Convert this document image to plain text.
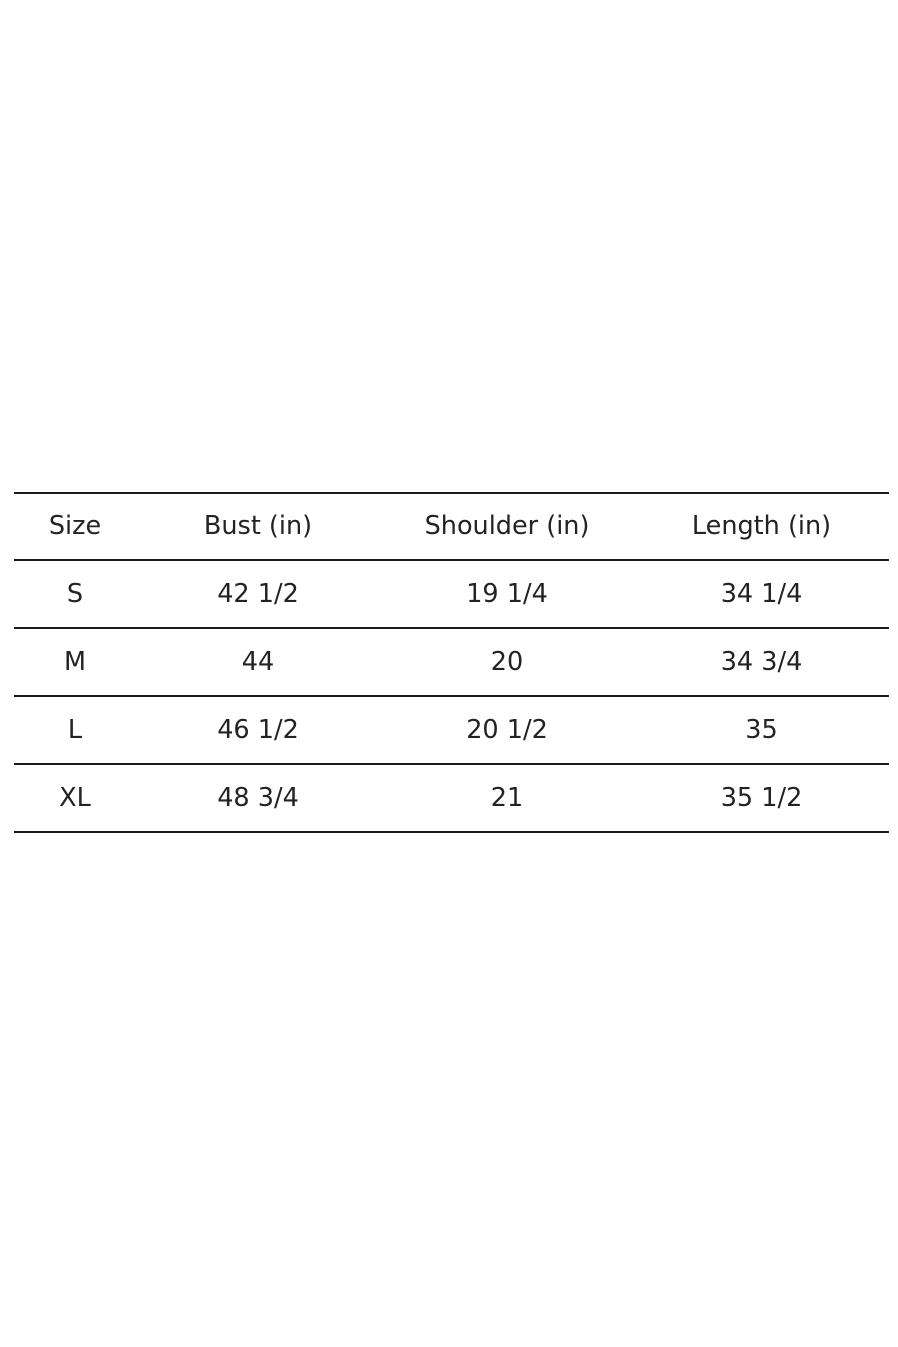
Size	Bust (in)	Shoulder (in)	Length (in)
S	42 1/2	19 1/4	34 1/4
M	44	20	34 3/4
L	46 1/2	20 1/2	35
XL	48 3/4	21	35 1/2
